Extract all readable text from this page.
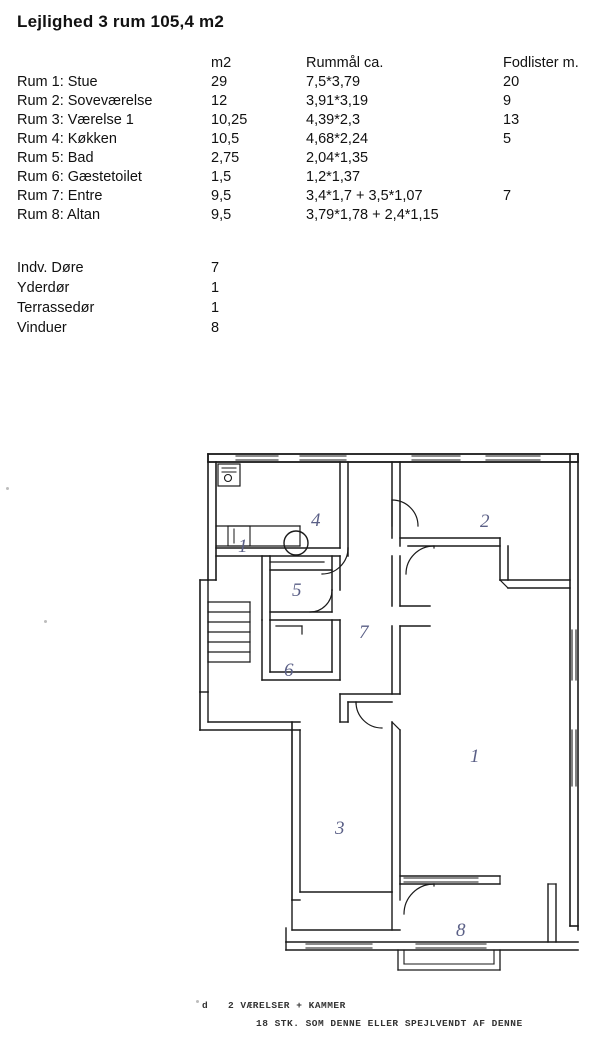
Lejlighed 3 rum 105,4 m2
	m2	Rummål ca.	Fodlister m.
Rum 1: Stue	29	7,5*3,79	20
Rum 2: Soveværelse	12	3,91*3,19	9
Rum 3: Værelse 1	10,25	4,39*2,3	13
Rum 4: Køkken	10,5	4,68*2,24	5
Rum 5: Bad	2,75	2,04*1,35	
Rum 6: Gæstetoilet	1,5	1,2*1,37	
Rum 7: Entre	9,5	3,4*1,7 + 3,5*1,07	7
Rum 8: Altan	9,5	3,79*1,78 + 2,4*1,15	
Indv. Døre	7
Yderdør	1
Terrassedør	1
Vinduer	8
4	2
1
5
7
6
1
3
8
d 2 VÆRELSER + KAMMER
18 STK. SOM DENNE ELLER SPEJLVENDT AF DENNE
